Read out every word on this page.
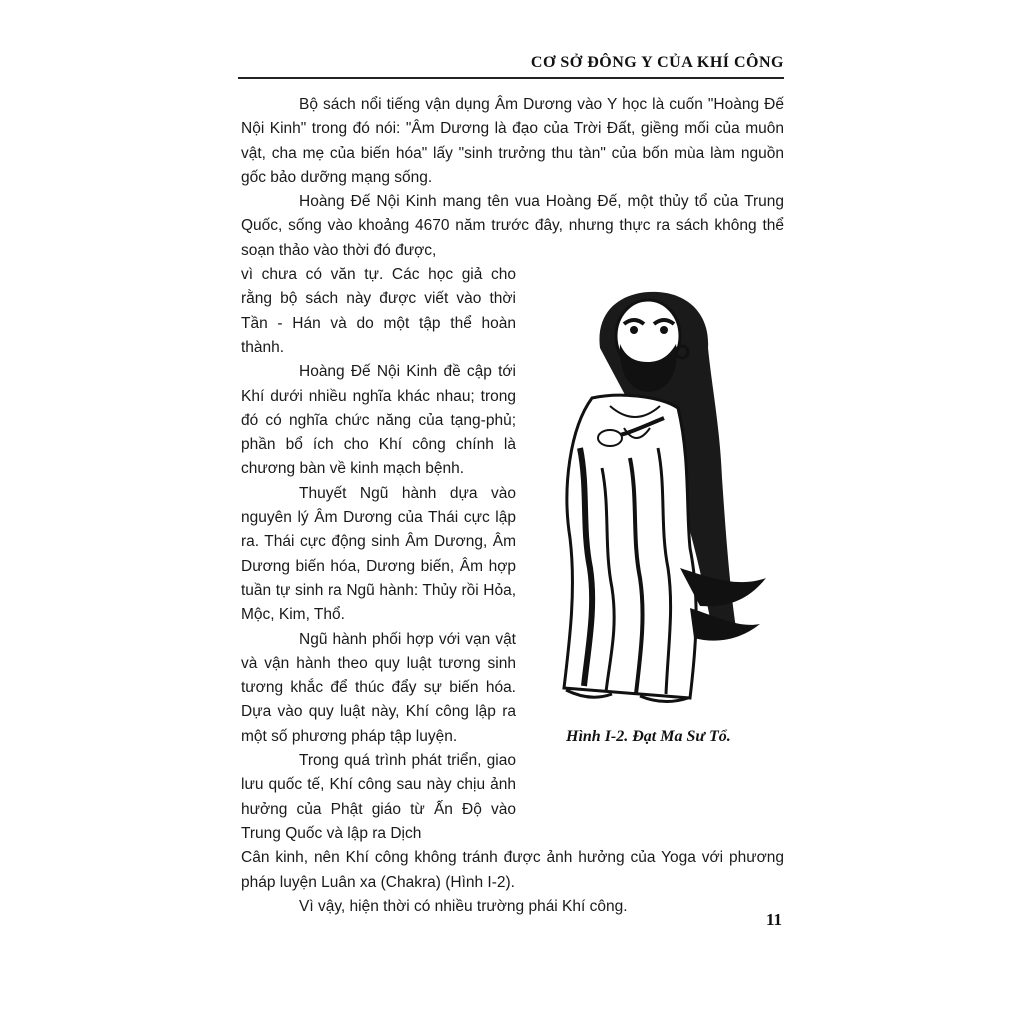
CƠ SỞ ĐÔNG Y CỦA KHÍ CÔNG

Bộ sách nổi tiếng vận dụng Âm Dương vào Y học là cuốn "Hoàng Đế Nội Kinh" trong đó nói: "Âm Dương là đạo của Trời Đất, giềng mối của muôn vật, cha mẹ của biến hóa" lấy "sinh trưởng thu tàn" của bốn mùa làm nguồn gốc bảo dưỡng mạng sống.

Hoàng Đế Nội Kinh mang tên vua Hoàng Đế, một thủy tổ của Trung Quốc, sống vào khoảng 4670 năm trước đây, nhưng thực ra sách không thể soạn thảo vào thời đó được,

vì chưa có văn tự. Các học giả cho rằng bộ sách này được viết vào thời Tần - Hán và do một tập thể hoàn thành.

Hoàng Đế Nội Kinh đề cập tới Khí dưới nhiều nghĩa khác nhau; trong đó có nghĩa chức năng của tạng-phủ; phần bổ ích cho Khí công chính là chương bàn về kinh mạch bệnh.

Thuyết Ngũ hành dựa vào nguyên lý Âm Dương của Thái cực lập ra. Thái cực động sinh Âm Dương, Âm Dương biến hóa, Dương biến, Âm hợp tuần tự sinh ra Ngũ hành: Thủy rồi Hỏa, Mộc, Kim, Thổ.

Ngũ hành phối hợp với vạn vật và vận hành theo quy luật tương sinh tương khắc để thúc đẩy sự biến hóa. Dựa vào quy luật này, Khí công lập ra một số phương pháp tập luyện.

Trong quá trình phát triển, giao lưu quốc tế, Khí công sau này chịu ảnh hưởng của Phật giáo từ Ấn Độ vào Trung Quốc và lập ra Dịch

Cân kinh, nên Khí công không tránh được ảnh hưởng của Yoga với phương pháp luyện Luân xa (Chakra) (Hình I-2).

Vì vậy, hiện thời có nhiều trường phái Khí công.

Hình I-2. Đạt Ma Sư Tổ.
11
